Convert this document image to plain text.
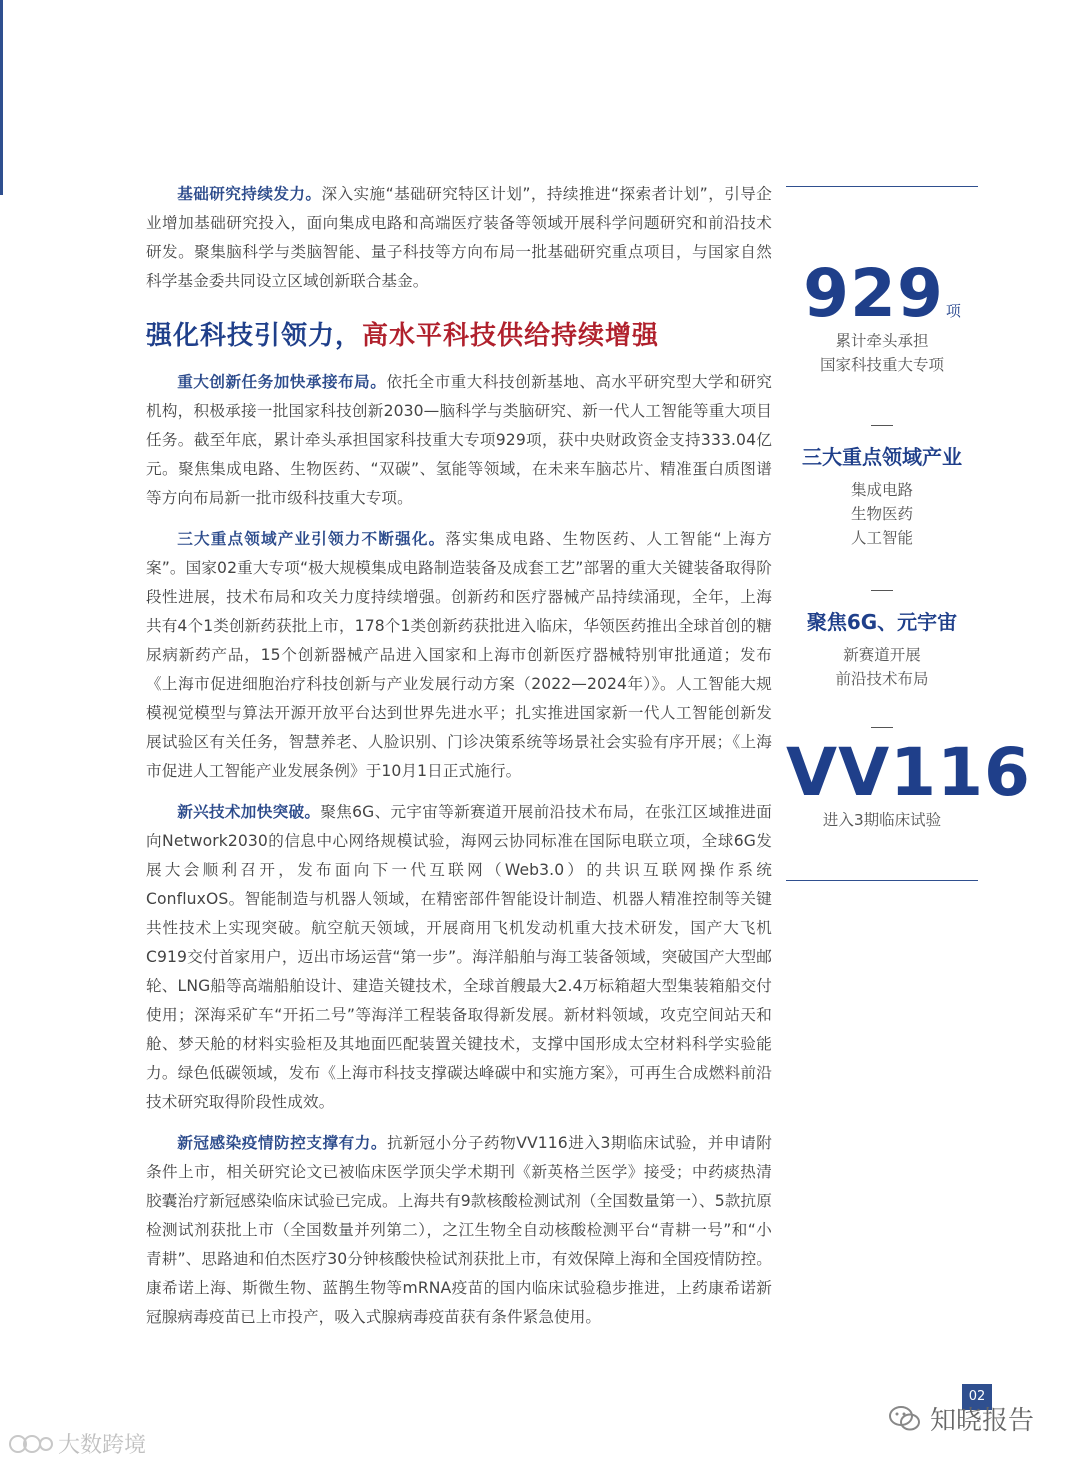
基础研究持续发力。深入实施“基础研究特区计划”，持续推进“探索者计划”，引导企业增加基础研究投入，面向集成电路和高端医疗装备等领域开展科学问题研究和前沿技术研发。聚集脑科学与类脑智能、量子科技等方向布局一批基础研究重点项目，与国家自然科学基金委共同设立区域创新联合基金。

强化科技引领力，高水平科技供给持续增强

重大创新任务加快承接布局。依托全市重大科技创新基地、高水平研究型大学和研究机构，积极承接一批国家科技创新2030—脑科学与类脑研究、新一代人工智能等重大项目任务。截至年底，累计牵头承担国家科技重大专项929项，获中央财政资金支持333.04亿元。聚焦集成电路、生物医药、“双碳”、氢能等领域，在未来车脑芯片、精准蛋白质图谱等方向布局新一批市级科技重大专项。

三大重点领域产业引领力不断强化。落实集成电路、生物医药、人工智能“上海方案”。国家02重大专项“极大规模集成电路制造装备及成套工艺”部署的重大关键装备取得阶段性进展，技术布局和攻关力度持续增强。创新药和医疗器械产品持续涌现，全年，上海共有4个1类创新药获批上市，178个1类创新药获批进入临床，华领医药推出全球首创的糖尿病新药产品，15个创新器械产品进入国家和上海市创新医疗器械特别审批通道；发布《上海市促进细胞治疗科技创新与产业发展行动方案（2022—2024年）》。人工智能大规模视觉模型与算法开源开放平台达到世界先进水平；扎实推进国家新一代人工智能创新发展试验区有关任务，智慧养老、人脸识别、门诊决策系统等场景社会实验有序开展；《上海市促进人工智能产业发展条例》于10月1日正式施行。

新兴技术加快突破。聚焦6G、元宇宙等新赛道开展前沿技术布局，在张江区域推进面向Network2030的信息中心网络规模试验，海网云协同标准在国际电联立项，全球6G发展大会顺利召开，发布面向下一代互联网（Web3.0）的共识互联网操作系统ConfluxOS。智能制造与机器人领域，在精密部件智能设计制造、机器人精准控制等关键共性技术上实现突破。航空航天领域，开展商用飞机发动机重大技术研发，国产大飞机C919交付首家用户，迈出市场运营“第一步”。海洋船舶与海工装备领域，突破国产大型邮轮、LNG船等高端船舶设计、建造关键技术，全球首艘最大2.4万标箱超大型集装箱船交付使用；深海采矿车“开拓二号”等海洋工程装备取得新发展。新材料领域，攻克空间站天和舱、梦天舱的材料实验柜及其地面匹配装置关键技术，支撑中国形成太空材料科学实验能力。绿色低碳领域，发布《上海市科技支撑碳达峰碳中和实施方案》，可再生合成燃料前沿技术研究取得阶段性成效。

新冠感染疫情防控支撑有力。抗新冠小分子药物VV116进入3期临床试验，并申请附条件上市，相关研究论文已被临床医学顶尖学术期刊《新英格兰医学》接受；中药痰热清胶囊治疗新冠感染临床试验已完成。上海共有9款核酸检测试剂（全国数量第一）、5款抗原检测试剂获批上市（全国数量并列第二），之江生物全自动核酸检测平台“青耕一号”和“小青耕”、思路迪和伯杰医疗30分钟核酸快检试剂获批上市，有效保障上海和全国疫情防控。康希诺上海、斯微生物、蓝鹊生物等mRNA疫苗的国内临床试验稳步推进，上药康希诺新冠腺病毒疫苗已上市投产，吸入式腺病毒疫苗获有条件紧急使用。

929 项
累计牵头承担
国家科技重大专项
三大重点领域产业
集成电路
生物医药
人工智能
聚焦6G、元宇宙
新赛道开展
前沿技术布局
VV116
进入3期临床试验
02
知晓报告
大数跨境
